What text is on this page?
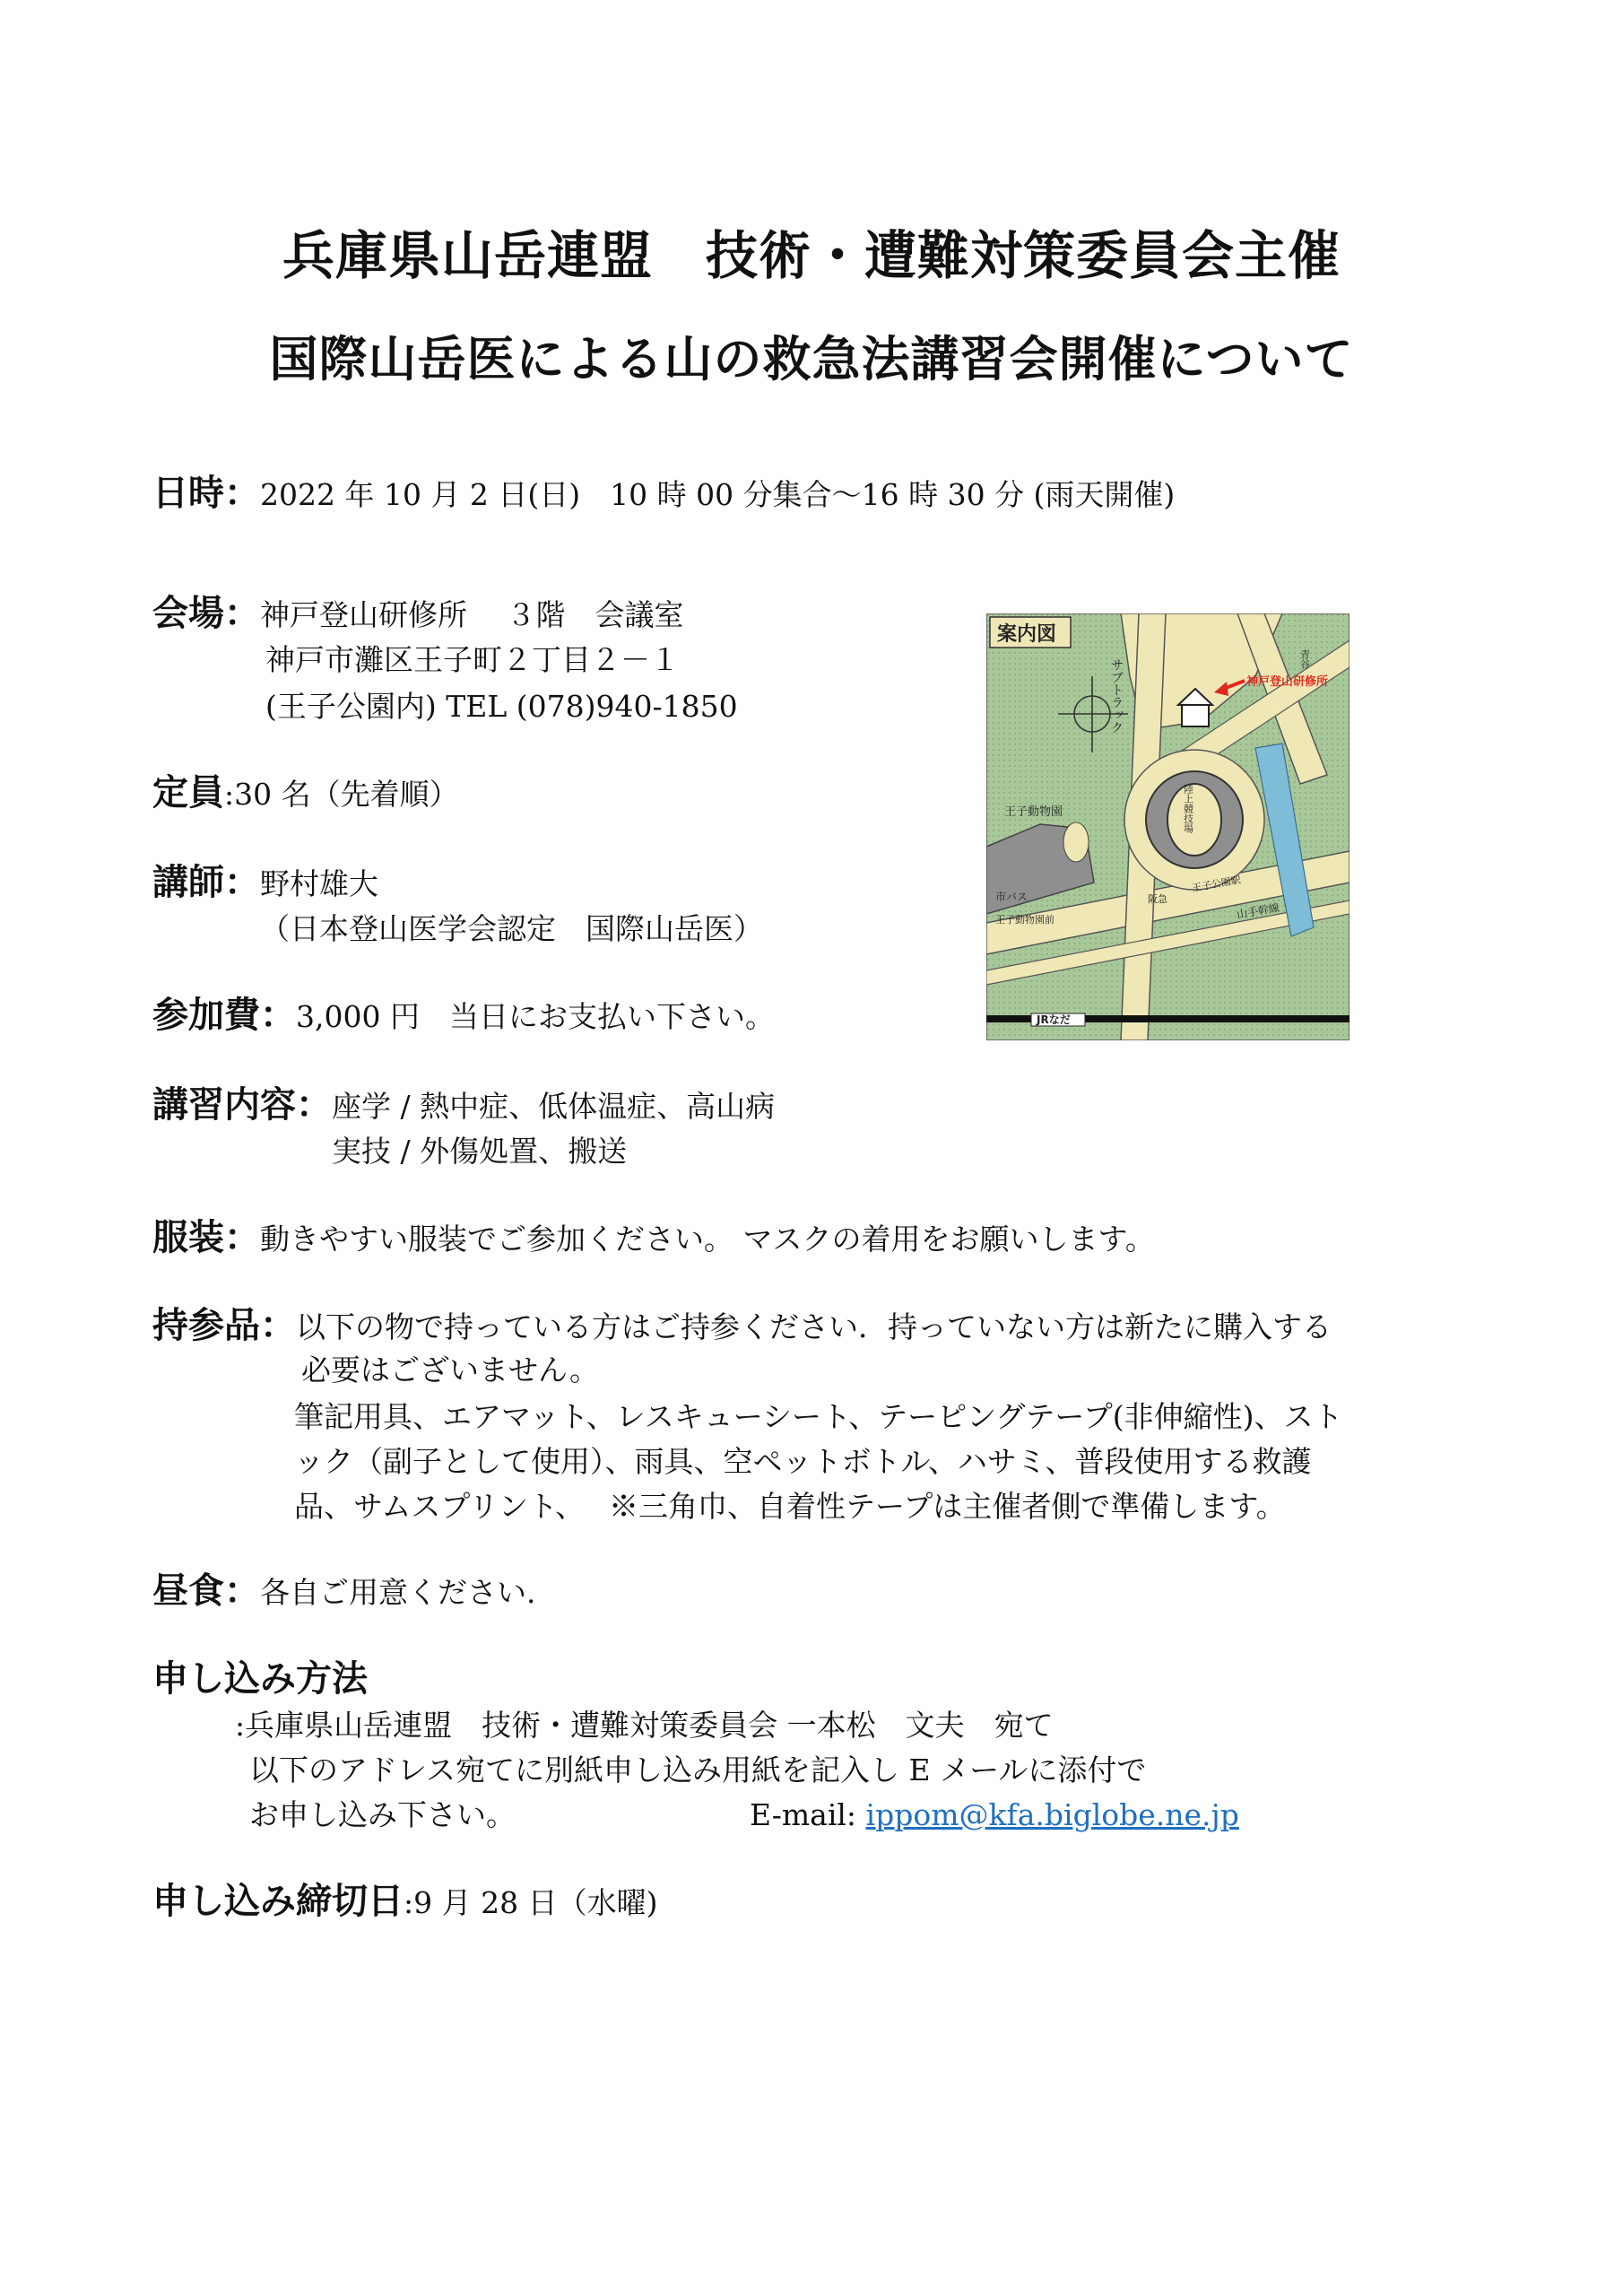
兵庫県山岳連盟　技術・遭難対策委員会主催
国際山岳医による山の救急法講習会開催について
日時：2022 年 10 月 2 日(日)　10 時 00 分集合～16 時 30 分 (雨天開催)
会場：神戸登山研修所　 ３階　会議室
神戸市灘区王子町２丁目２－１
(王子公園内) TEL (078)940-1850
定員:30 名（先着順）
講師：野村雄大
（日本登山医学会認定　国際山岳医）
参加費：3,000 円　当日にお支払い下さい。
講習内容：座学 / 熱中症、低体温症、高山病
実技 / 外傷処置、搬送
服装：動きやすい服装でご参加ください。 マスクの着用をお願いします。
持参品：以下の物で持っている方はご持参ください．持っていない方は新たに購入する
必要はございません。
筆記用具、エアマット、レスキューシート、テーピングテープ(非伸縮性)、スト
ック（副子として使用）、雨具、空ペットボトル、ハサミ、普段使用する救護
品、サムスプリント、　 ※三角巾、自着性テープは主催者側で準備します。
昼食：各自ご用意ください.
申し込み方法
:兵庫県山岳連盟　技術・遭難対策委員会 一本松　文夫　宛て
以下のアドレス宛てに別紙申し込み用紙を記入し E メールに添付で
お申し込み下さい。	E-mail: ippom@kfa.biglobe.ne.jp
申し込み締切日:9 月 28 日（水曜)
案内図
神戸登山研修所
サブトラック
王子動物園	陸上競技場
市バス
王子動物園前
阪急
王子公園駅
山手幹線
青谷
JRなだ
